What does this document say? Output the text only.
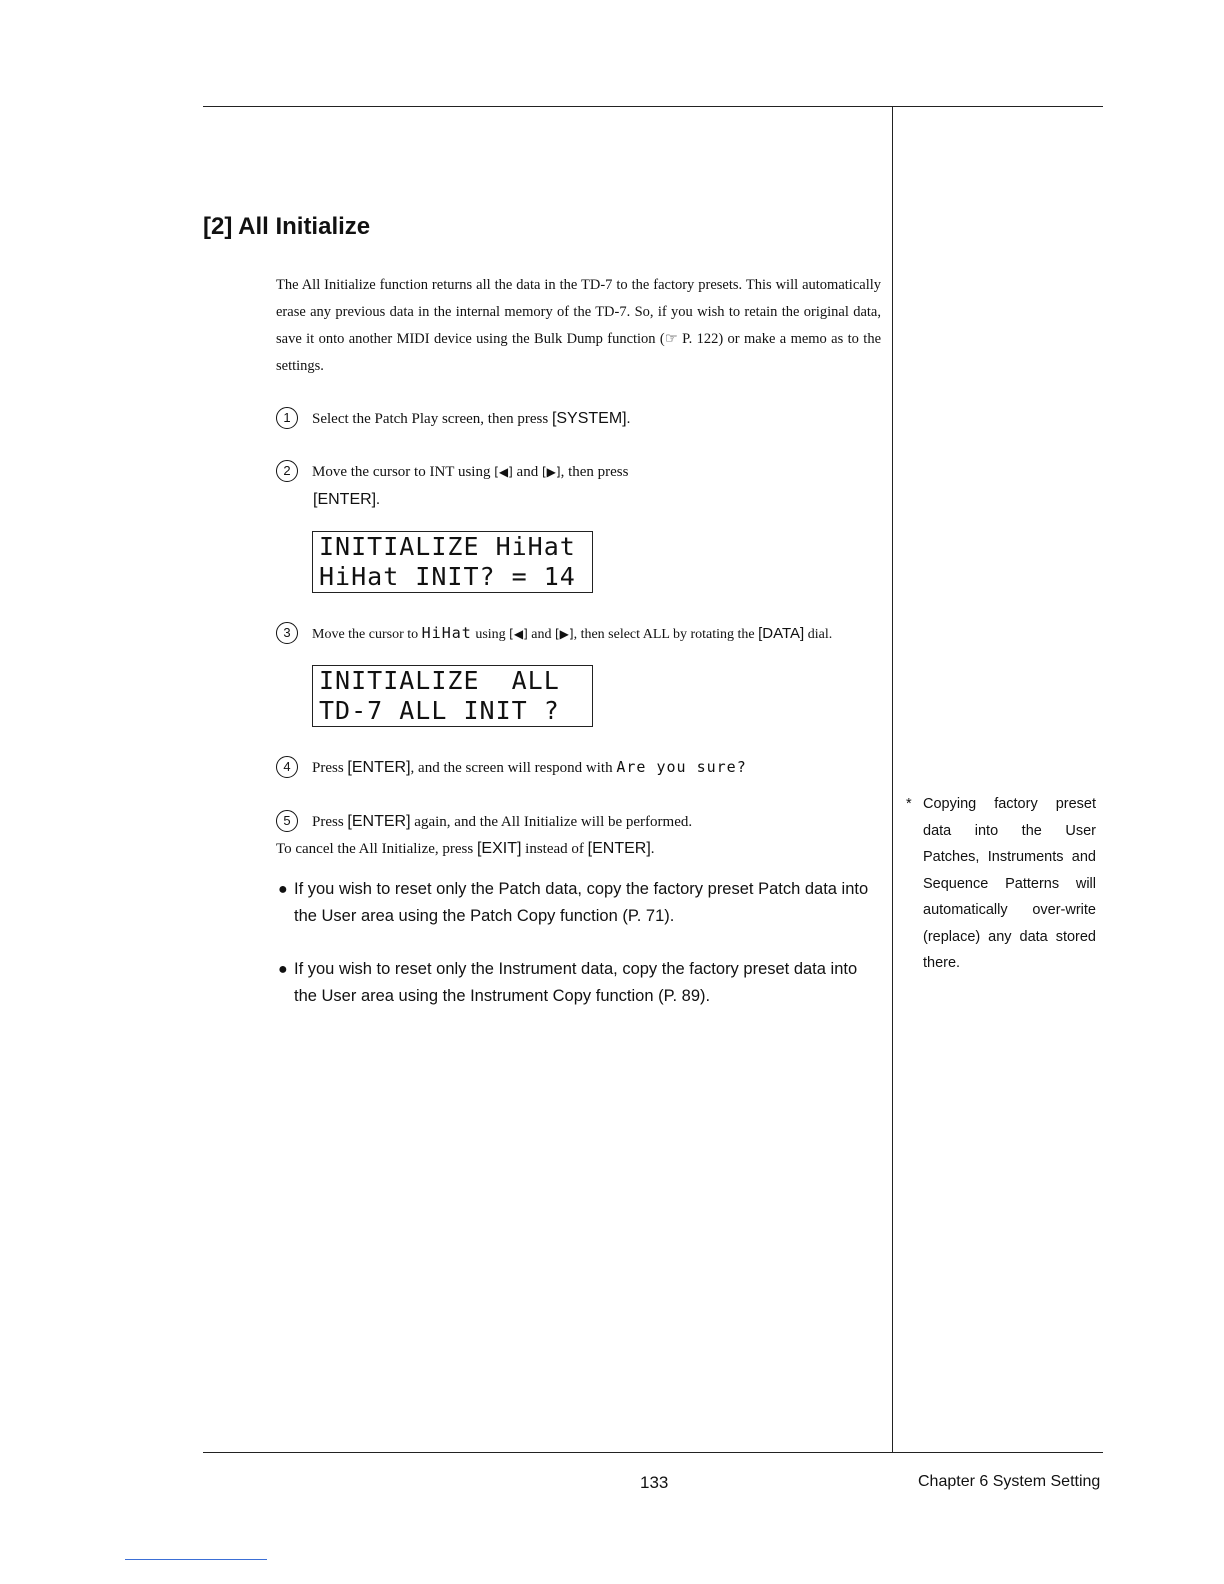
[2] All Initialize
The All Initialize function returns all the data in the TD-7 to the factory presets. This will automatically erase any previous data in the internal memory of the TD-7. So, if you wish to retain the original data, save it onto another MIDI device using the Bulk Dump function (☞ P. 122) or make a memo as to the settings.
1 Select the Patch Play screen, then press [SYSTEM].
2 Move the cursor to INT using [◀] and [▶], then press
[ENTER].
INITIALIZE HiHat
HiHat INIT? = 14
3 Move the cursor to HiHat using [◀] and [▶], then select ALL by rotating the [DATA] dial.
INITIALIZE  ALL
TD-7 ALL INIT ?
4 Press [ENTER], and the screen will respond with Are you sure?
5 Press [ENTER] again, and the All Initialize will be performed.
To cancel the All Initialize, press [EXIT] instead of [ENTER].
● If you wish to reset only the Patch data, copy the factory preset Patch data into the User area using the Patch Copy function (P. 71).
● If you wish to reset only the Instrument data, copy the factory preset data into the User area using the Instrument Copy function (P. 89).
* Copying factory preset data into the User Patches, Instruments and Sequence Patterns will automatically over-write (replace) any data stored there.
133	Chapter 6 System Setting
